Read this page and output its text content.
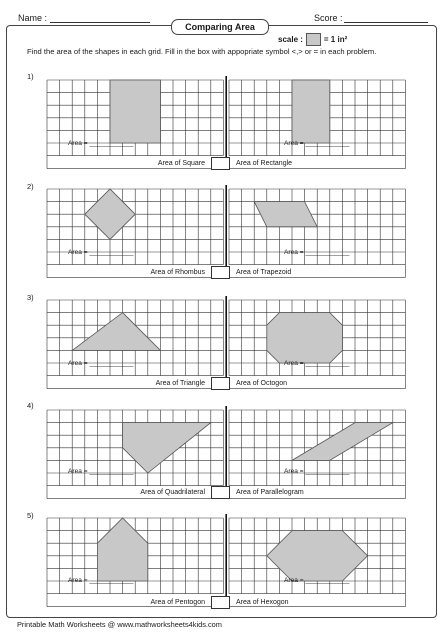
Name :	Score :
Comparing Area
scale :	= 1 in²
Find the area of the shapes in each grid. Fill in the box with appopriate symbol <,> or = in each problem.
1)
Area = ____________	Area = ____________
Area of Square	Area of Rectangle
2)
Area = ____________	Area = ____________
Area of Rhombus	Area of Trapezoid
3)
Area = ____________	Area = ____________
Area of Triangle	Area of Octogon
4)
Area = ____________	Area = ____________
Area of Quadrilateral	Area of Parallelogram
5)
Area = ____________	Area = ____________
Area of Pentogon	Area of Hexogon
Printable Math Worksheets @ www.mathworksheets4kids.com
